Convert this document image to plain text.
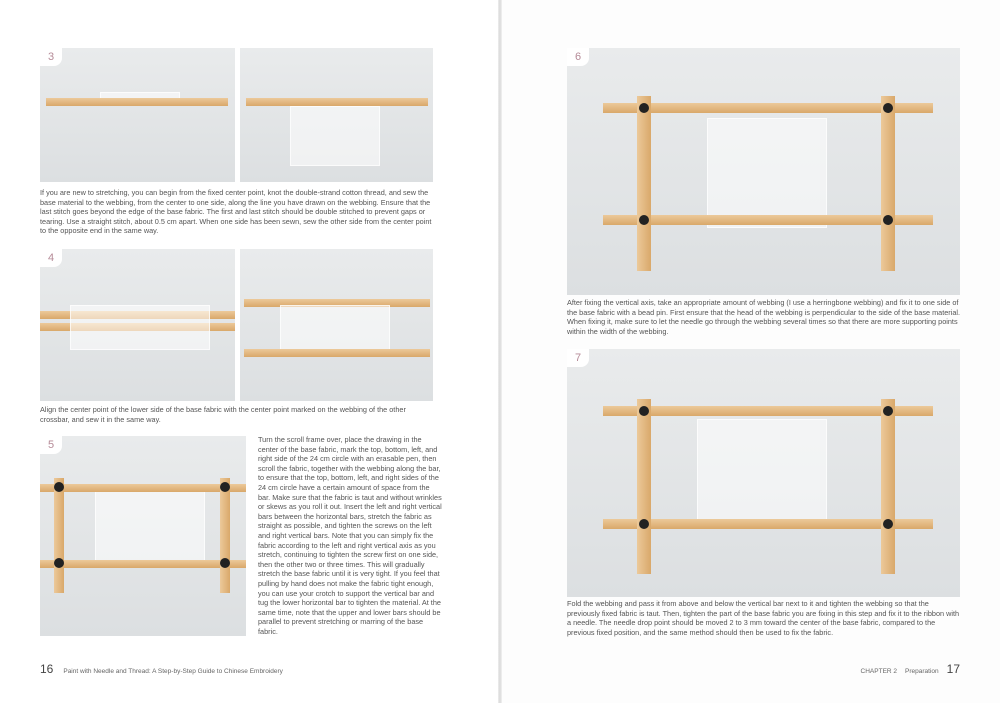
3

If you are new to stretching, you can begin from the fixed center point, knot the double-strand cotton thread, and sew the base material to the webbing, from the center to one side, along the line you have drawn on the webbing. Ensure that the last stitch goes beyond the edge of the base fabric. The first and last stitch should be double stitched to prevent gaps or tearing. Use a straight stitch, about 0.5 cm apart. When one side has been sewn, sew the other side from the center point to the opposite end in the same way.

4

Align the center point of the lower side of the base fabric with the center point marked on the webbing of the other crossbar, and sew it in the same way.

5	Turn the scroll frame over, place the drawing in the center of the base fabric, mark the top, bottom, left, and right side of the 24 cm circle with an erasable pen, then scroll the fabric, together with the webbing along the bar, to ensure that the top, bottom, left, and right sides of the 24 cm circle have a certain amount of space from the bar. Make sure that the fabric is taut and without wrinkles or skews as you roll it out. Insert the left and right vertical bars between the horizontal bars, stretch the fabric as straight as possible, and tighten the screws on the left and right vertical bars. Note that you can simply fix the fabric according to the left and right vertical axis as you stretch, continuing to tighten the screw first on one side, then the other two or three times. This will gradually stretch the base fabric until it is very tight. If you feel that pulling by hand does not make the fabric tight enough, you can use your crotch to support the vertical bar and tug the lower horizontal bar to tighten the material. At the same time, note that the upper and lower bars should be parallel to prevent stretching or marring of the base fabric.

16 Paint with Needle and Thread: A Step-by-Step Guide to Chinese Embroidery
6

After fixing the vertical axis, take an appropriate amount of webbing (I use a herringbone webbing) and fix it to one side of the base fabric with a bead pin. First ensure that the head of the webbing is perpendicular to the side of the base material. When fixing it, make sure to let the needle go through the webbing several times so that there are more supporting points within the width of the webbing.

7

Fold the webbing and pass it from above and below the vertical bar next to it and tighten the webbing so that the previously fixed fabric is taut. Then, tighten the part of the base fabric you are fixing in this step and fix it to the ribbon with a needle. The needle drop point should be moved 2 to 3 mm toward the center of the base fabric, compared to the previous fixed position, and the same method should then be used to fix the fabric.

CHAPTER 2 Preparation 17
